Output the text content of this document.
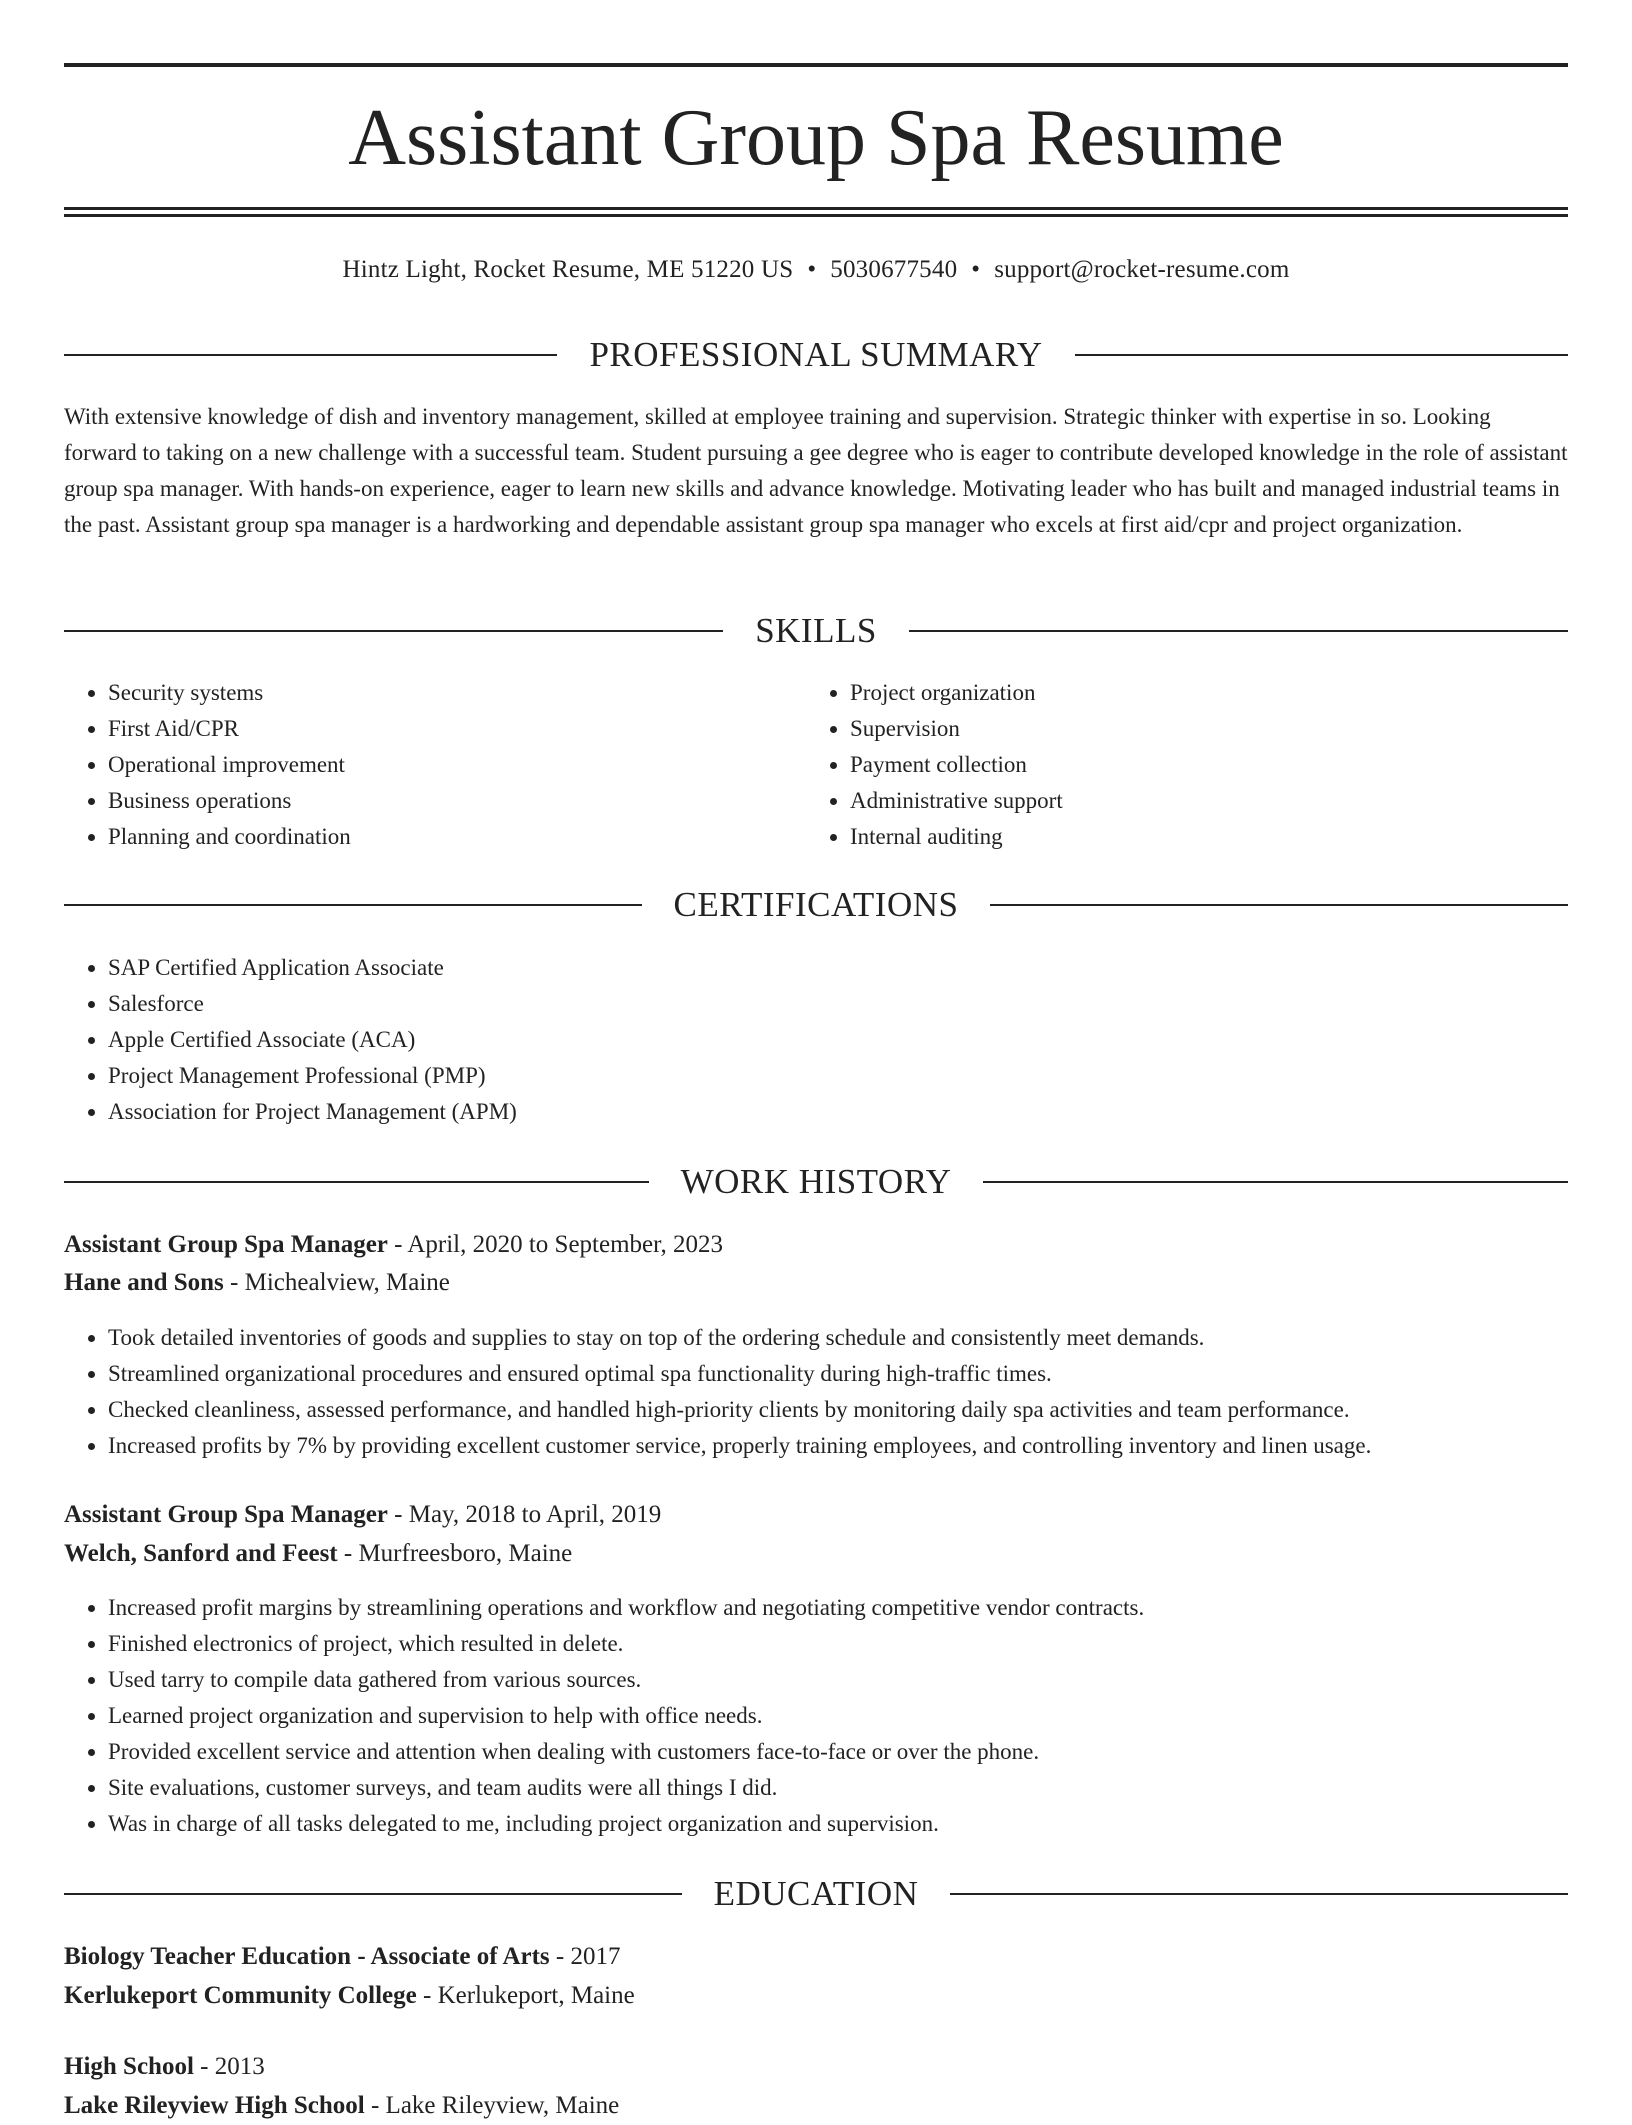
Assistant Group Spa Resume
Hintz Light, Rocket Resume, ME 51220 US • 5030677540 • support@rocket-resume.com
PROFESSIONAL SUMMARY

With extensive knowledge of dish and inventory management, skilled at employee training and supervision. Strategic thinker with expertise in so. Looking forward to taking on a new challenge with a successful team. Student pursuing a gee degree who is eager to contribute developed knowledge in the role of assistant group spa manager. With hands-on experience, eager to learn new skills and advance knowledge. Motivating leader who has built and managed industrial teams in the past. Assistant group spa manager is a hardworking and dependable assistant group spa manager who excels at first aid/cpr and project organization.

SKILLS
• Security systems
• First Aid/CPR
• Operational improvement
• Business operations
• Planning and coordination
• Project organization
• Supervision
• Payment collection
• Administrative support
• Internal auditing
CERTIFICATIONS
• SAP Certified Application Associate
• Salesforce
• Apple Certified Associate (ACA)
• Project Management Professional (PMP)
• Association for Project Management (APM)
WORK HISTORY
Assistant Group Spa Manager - April, 2020 to September, 2023
Hane and Sons - Michealview, Maine
• Took detailed inventories of goods and supplies to stay on top of the ordering schedule and consistently meet demands.
• Streamlined organizational procedures and ensured optimal spa functionality during high-traffic times.
• Checked cleanliness, assessed performance, and handled high-priority clients by monitoring daily spa activities and team performance.
• Increased profits by 7% by providing excellent customer service, properly training employees, and controlling inventory and linen usage.
Assistant Group Spa Manager - May, 2018 to April, 2019
Welch, Sanford and Feest - Murfreesboro, Maine
• Increased profit margins by streamlining operations and workflow and negotiating competitive vendor contracts.
• Finished electronics of project, which resulted in delete.
• Used tarry to compile data gathered from various sources.
• Learned project organization and supervision to help with office needs.
• Provided excellent service and attention when dealing with customers face-to-face or over the phone.
• Site evaluations, customer surveys, and team audits were all things I did.
• Was in charge of all tasks delegated to me, including project organization and supervision.
EDUCATION
Biology Teacher Education - Associate of Arts - 2017
Kerlukeport Community College - Kerlukeport, Maine
High School - 2013
Lake Rileyview High School - Lake Rileyview, Maine
